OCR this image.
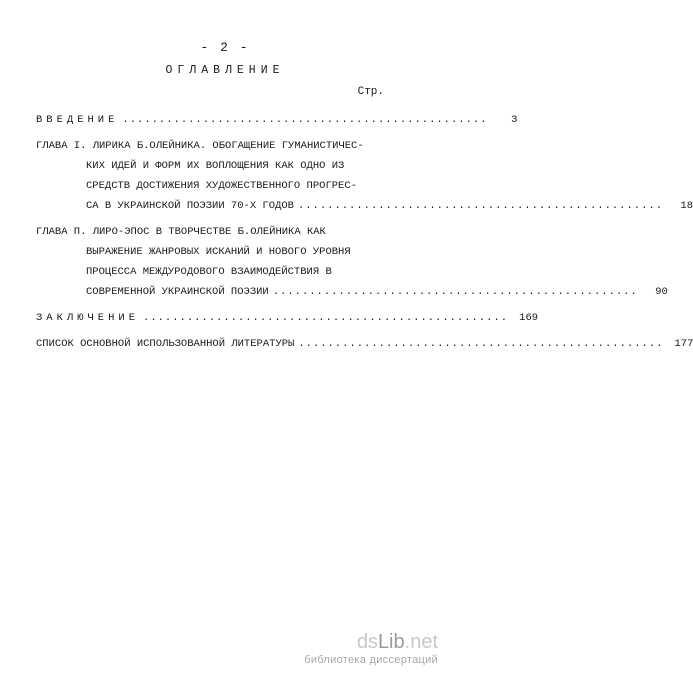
- 2 -
ОГЛАВЛЕНИЕ
Стр.
ВВЕДЕНИЕ ..................................................	3
ГЛАВА I. ЛИРИКА Б.ОЛЕЙНИКА. ОБОГАЩЕНИЕ ГУМАНИСТИЧЕС-
КИХ ИДЕЙ И ФОРМ ИХ ВОПЛОЩЕНИЯ КАК ОДНО ИЗ
СРЕДСТВ ДОСТИЖЕНИЯ ХУДОЖЕСТВЕННОГО ПРОГРЕС-
СА В УКРАИНСКОЙ ПОЭЗИИ 70-Х ГОДОВ ..................................................	18
ГЛАВА П. ЛИРО-ЭПОС В ТВОРЧЕСТВЕ Б.ОЛЕЙНИКА КАК
ВЫРАЖЕНИЕ ЖАНРОВЫХ ИСКАНИЙ И НОВОГО УРОВНЯ
ПРОЦЕССА МЕЖДУРОДОВОГО ВЗАИМОДЕЙСТВИЯ В
СОВРЕМЕННОЙ УКРАИНСКОЙ ПОЭЗИИ ..................................................	90
ЗАКЛЮЧЕНИЕ ..................................................	169
СПИСОК ОСНОВНОЙ ИСПОЛЬЗОВАННОЙ ЛИТЕРАТУРЫ ..................................................	177
dsLib.net
библиотека диссертаций
